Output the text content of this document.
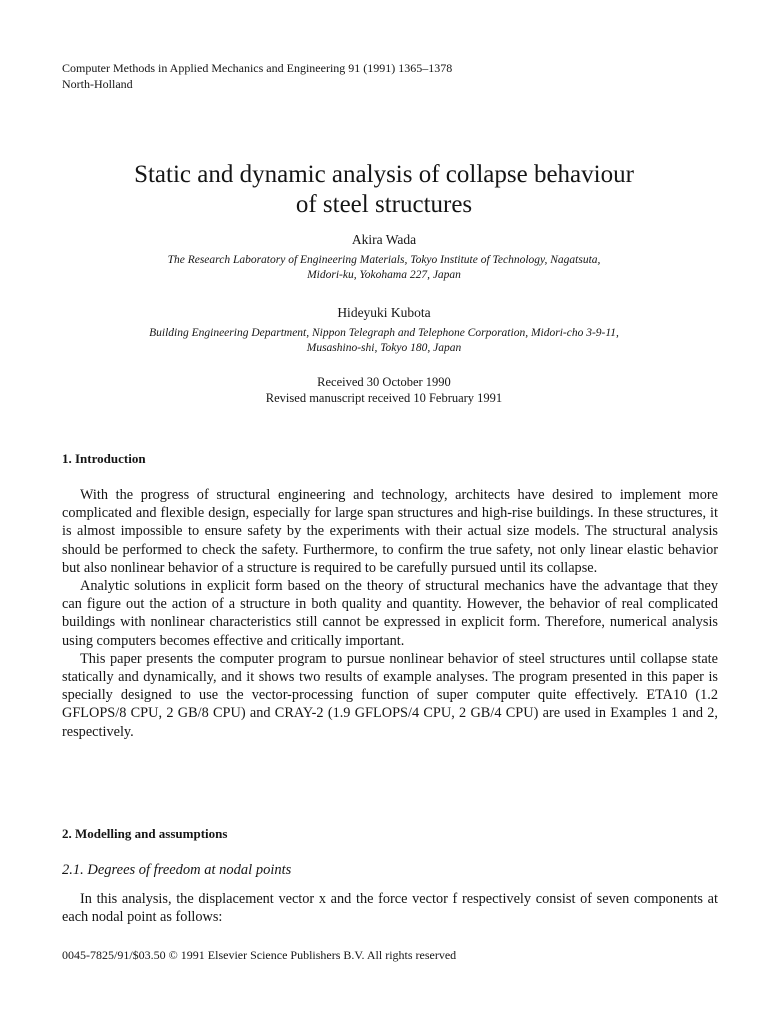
Computer Methods in Applied Mechanics and Engineering 91 (1991) 1365–1378
North-Holland
Static and dynamic analysis of collapse behaviour
of steel structures
Akira Wada
The Research Laboratory of Engineering Materials, Tokyo Institute of Technology, Nagatsuta,
Midori-ku, Yokohama 227, Japan
Hideyuki Kubota
Building Engineering Department, Nippon Telegraph and Telephone Corporation, Midori-cho 3-9-11,
Musashino-shi, Tokyo 180, Japan
Received 30 October 1990
Revised manuscript received 10 February 1991
1. Introduction

With the progress of structural engineering and technology, architects have desired to implement more complicated and flexible design, especially for large span structures and high-rise buildings. In these structures, it is almost impossible to ensure safety by the experiments with their actual size models. The structural analysis should be performed to check the safety. Furthermore, to confirm the true safety, not only linear elastic behavior but also nonlinear behavior of a structure is required to be carefully pursued until its collapse.

Analytic solutions in explicit form based on the theory of structural mechanics have the advantage that they can figure out the action of a structure in both quality and quantity. However, the behavior of real complicated buildings with nonlinear characteristics still cannot be expressed in explicit form. Therefore, numerical analysis using computers becomes effective and critically important.

This paper presents the computer program to pursue nonlinear behavior of steel structures until collapse state statically and dynamically, and it shows two results of example analyses. The program presented in this paper is specially designed to use the vector-processing function of super computer quite effectively. ETA10 (1.2 GFLOPS/8 CPU, 2 GB/8 CPU) and CRAY-2 (1.9 GFLOPS/4 CPU, 2 GB/4 CPU) are used in Examples 1 and 2, respectively.

2. Modelling and assumptions
2.1. Degrees of freedom at nodal points

In this analysis, the displacement vector x and the force vector f respectively consist of seven components at each nodal point as follows:

0045-7825/91/$03.50 © 1991 Elsevier Science Publishers B.V. All rights reserved
